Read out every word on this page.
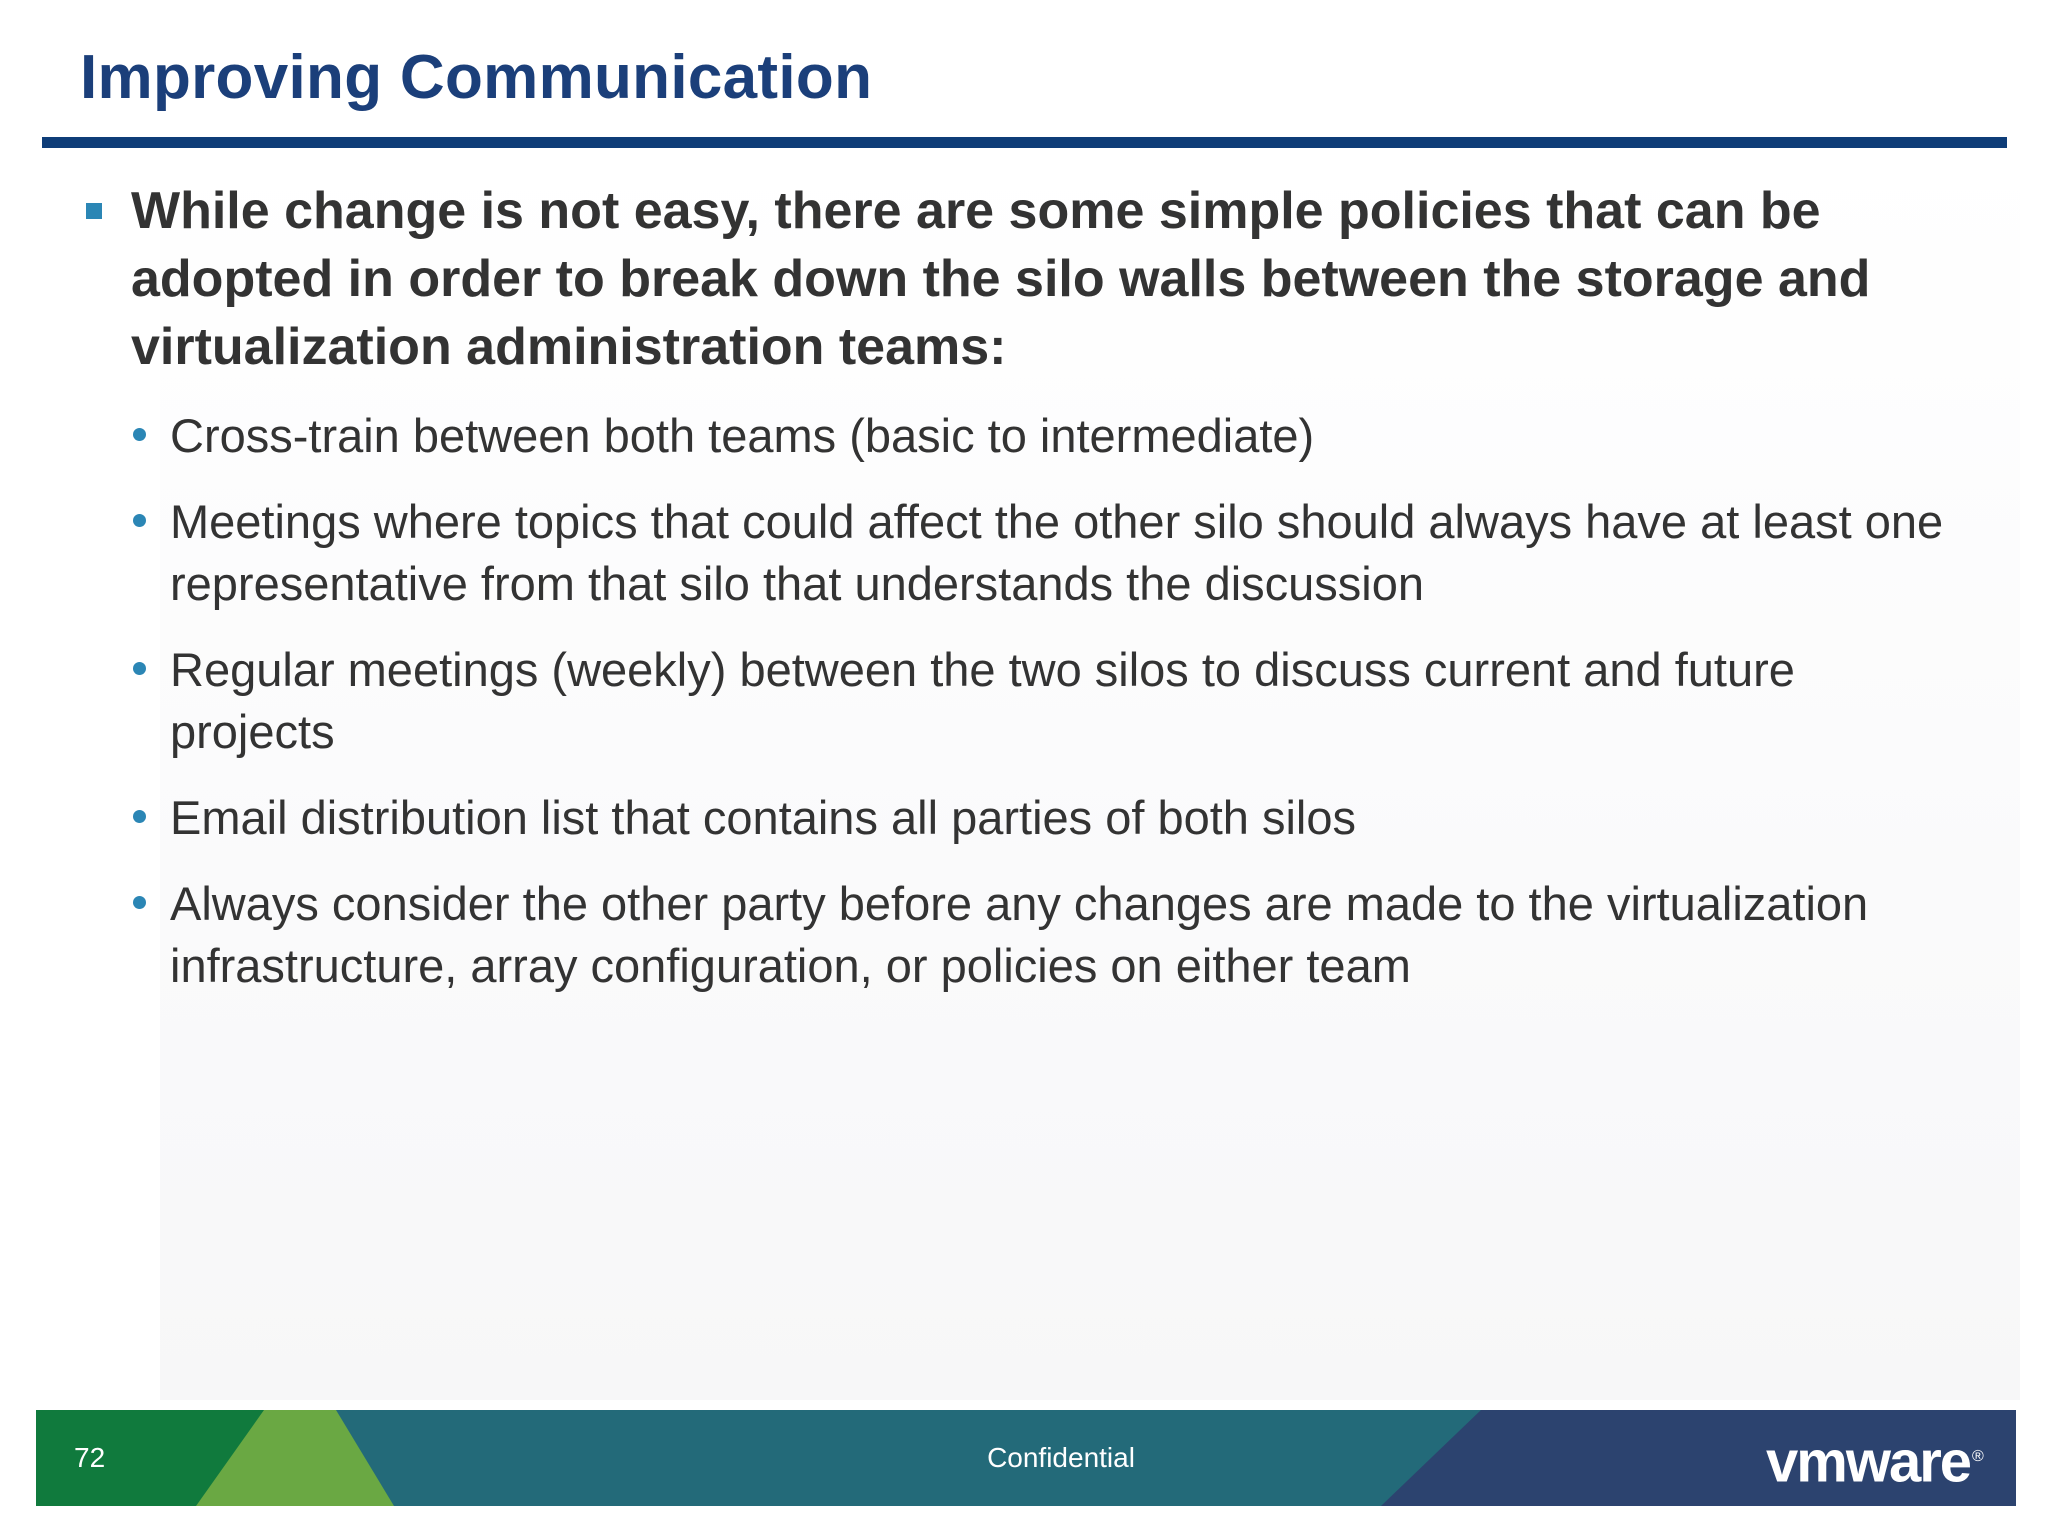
Improving Communication
While change is not easy, there are some simple policies that can be adopted in order to break down the silo walls between the storage and virtualization administration teams:
Cross-train between both teams (basic to intermediate)
Meetings where topics that could affect the other silo should always have at least one representative from that silo that understands the discussion
Regular meetings (weekly) between the two silos to discuss current and future projects
Email distribution list that contains all parties of both silos
Always consider the other party before any changes are made to the virtualization infrastructure, array configuration, or policies on either team
72	Confidential	vmware ®
